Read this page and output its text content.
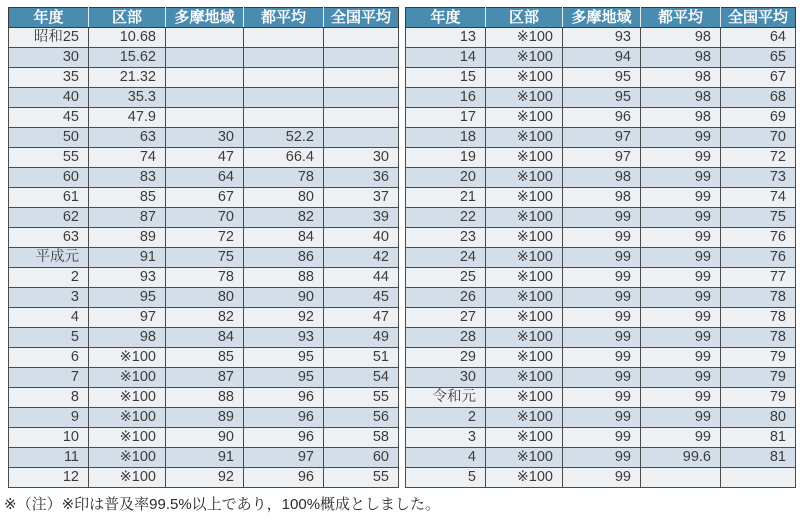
年度	区部	多摩地域	都平均	全国平均
昭和25	10.68			
30	15.62			
35	21.32			
40	35.3			
45	47.9			
50	63	30	52.2	
55	74	47	66.4	30
60	83	64	78	36
61	85	67	80	37
62	87	70	82	39
63	89	72	84	40
平成元	91	75	86	42
2	93	78	88	44
3	95	80	90	45
4	97	82	92	47
5	98	84	93	49
6	※100	85	95	51
7	※100	87	95	54
8	※100	88	96	55
9	※100	89	96	56
10	※100	90	96	58
11	※100	91	97	60
12	※100	92	96	55
年度	区部	多摩地域	都平均	全国平均
13	※100	93	98	64
14	※100	94	98	65
15	※100	95	98	67
16	※100	95	98	68
17	※100	96	98	69
18	※100	97	99	70
19	※100	97	99	72
20	※100	98	99	73
21	※100	98	99	74
22	※100	99	99	75
23	※100	99	99	76
24	※100	99	99	76
25	※100	99	99	77
26	※100	99	99	78
27	※100	99	99	78
28	※100	99	99	78
29	※100	99	99	79
30	※100	99	99	79
令和元	※100	99	99	79
2	※100	99	99	80
3	※100	99	99	81
4	※100	99	99.6	81
5	※100	99		

※（注）※印は普及率99.5%以上であり，100%概成としました。
